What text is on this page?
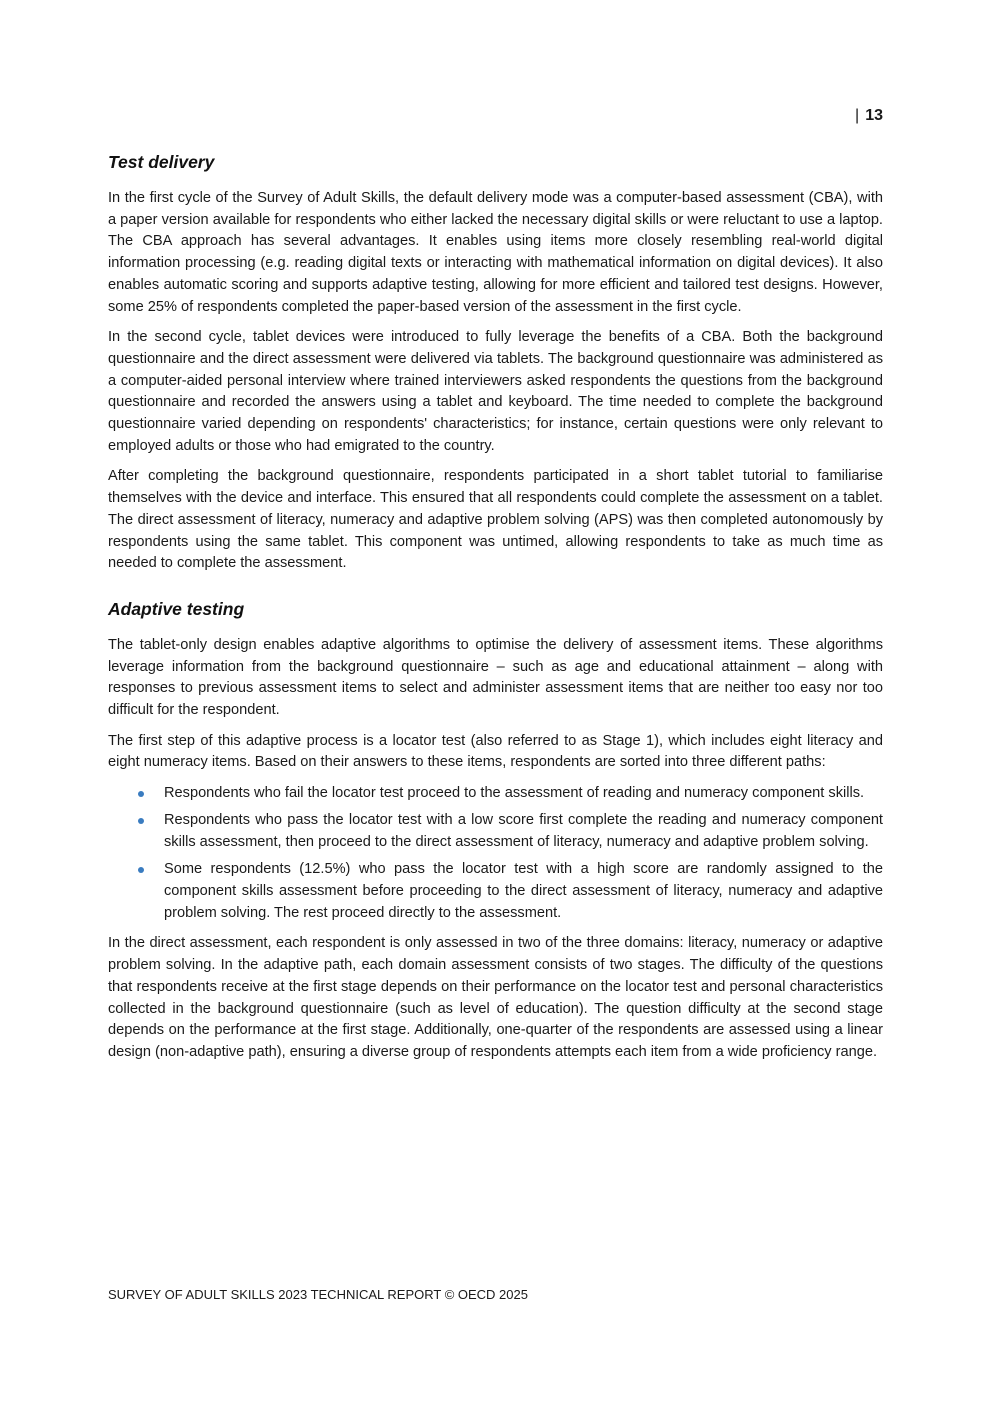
| 13
Test delivery

In the first cycle of the Survey of Adult Skills, the default delivery mode was a computer-based assessment (CBA), with a paper version available for respondents who either lacked the necessary digital skills or were reluctant to use a laptop. The CBA approach has several advantages. It enables using items more closely resembling real-world digital information processing (e.g. reading digital texts or interacting with mathematical information on digital devices). It also enables automatic scoring and supports adaptive testing, allowing for more efficient and tailored test designs. However, some 25% of respondents completed the paper-based version of the assessment in the first cycle.

In the second cycle, tablet devices were introduced to fully leverage the benefits of a CBA. Both the background questionnaire and the direct assessment were delivered via tablets. The background questionnaire was administered as a computer-aided personal interview where trained interviewers asked respondents the questions from the background questionnaire and recorded the answers using a tablet and keyboard. The time needed to complete the background questionnaire varied depending on respondents' characteristics; for instance, certain questions were only relevant to employed adults or those who had emigrated to the country.

After completing the background questionnaire, respondents participated in a short tablet tutorial to familiarise themselves with the device and interface. This ensured that all respondents could complete the assessment on a tablet. The direct assessment of literacy, numeracy and adaptive problem solving (APS) was then completed autonomously by respondents using the same tablet. This component was untimed, allowing respondents to take as much time as needed to complete the assessment.

Adaptive testing

The tablet-only design enables adaptive algorithms to optimise the delivery of assessment items. These algorithms leverage information from the background questionnaire – such as age and educational attainment – along with responses to previous assessment items to select and administer assessment items that are neither too easy nor too difficult for the respondent.

The first step of this adaptive process is a locator test (also referred to as Stage 1), which includes eight literacy and eight numeracy items. Based on their answers to these items, respondents are sorted into three different paths:

Respondents who fail the locator test proceed to the assessment of reading and numeracy component skills.
Respondents who pass the locator test with a low score first complete the reading and numeracy component skills assessment, then proceed to the direct assessment of literacy, numeracy and adaptive problem solving.
Some respondents (12.5%) who pass the locator test with a high score are randomly assigned to the component skills assessment before proceeding to the direct assessment of literacy, numeracy and adaptive problem solving. The rest proceed directly to the assessment.

In the direct assessment, each respondent is only assessed in two of the three domains: literacy, numeracy or adaptive problem solving. In the adaptive path, each domain assessment consists of two stages. The difficulty of the questions that respondents receive at the first stage depends on their performance on the locator test and personal characteristics collected in the background questionnaire (such as level of education). The question difficulty at the second stage depends on the performance at the first stage. Additionally, one-quarter of the respondents are assessed using a linear design (non-adaptive path), ensuring a diverse group of respondents attempts each item from a wide proficiency range.

SURVEY OF ADULT SKILLS 2023 TECHNICAL REPORT © OECD 2025
